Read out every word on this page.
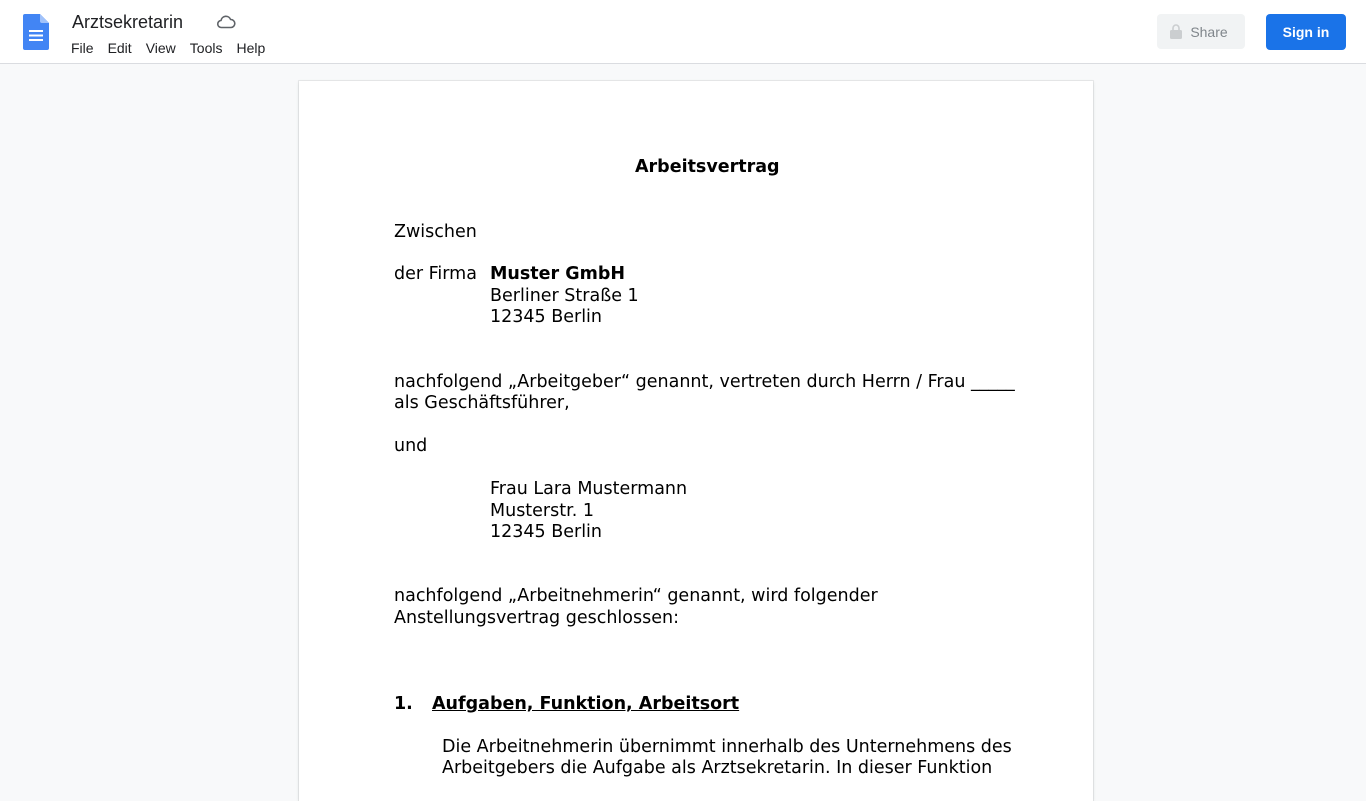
Arztsekretarin
File	Edit	View	Tools	Help
Share	Sign in
Arbeitsvertrag
Zwischen
der Firma Muster GmbH
Berliner Straße 1
12345 Berlin
nachfolgend „Arbeitgeber“ genannt, vertreten durch Herrn / Frau _____
als Geschäftsführer,
und
Frau Lara Mustermann
Musterstr. 1
12345 Berlin
nachfolgend „Arbeitnehmerin“ genannt, wird folgender
Anstellungsvertrag geschlossen:
1. Aufgaben, Funktion, Arbeitsort
Die Arbeitnehmerin übernimmt innerhalb des Unternehmens des
Arbeitgebers die Aufgabe als Arztsekretarin. In dieser Funktion
